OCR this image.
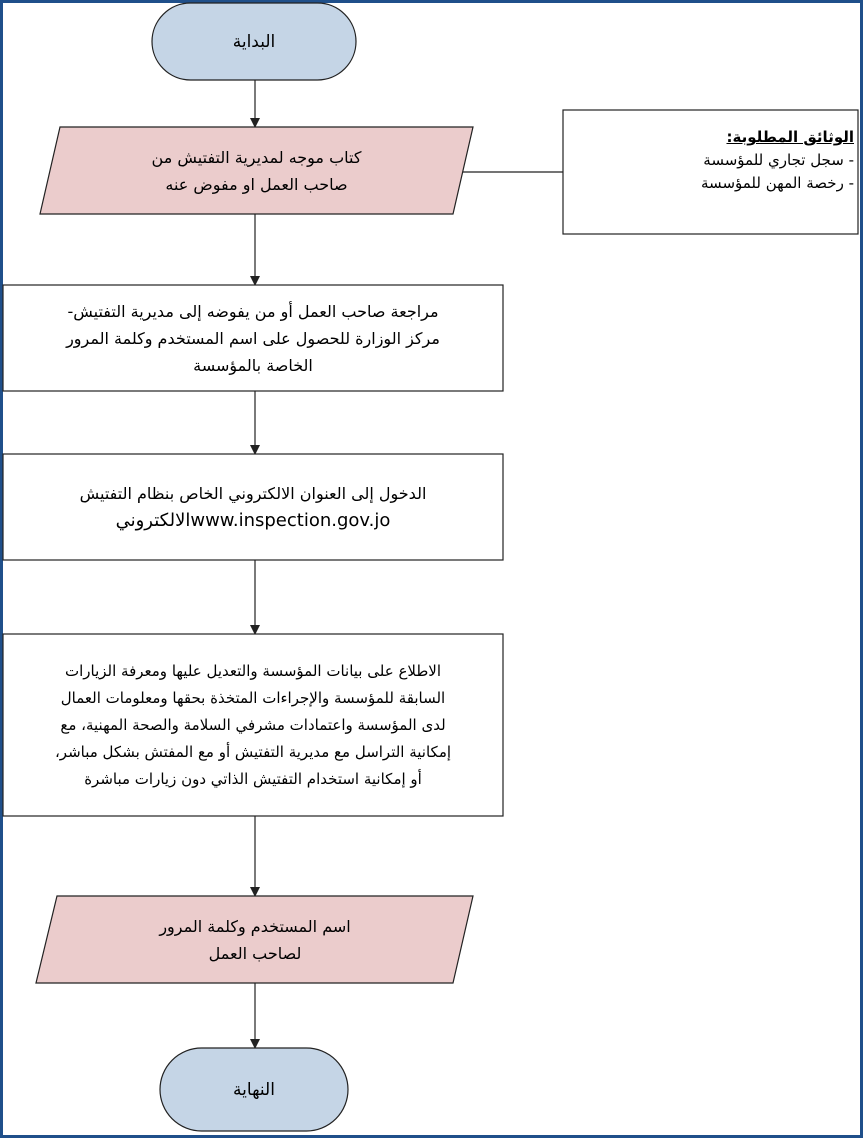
البداية
كتاب موجه لمديرية التفتيش من
صاحب العمل او مفوض عنه
مراجعة صاحب العمل أو من يفوضه إلى مديرية التفتيش-
مركز الوزارة للحصول على اسم المستخدم وكلمة المرور
الخاصة بالمؤسسة
الدخول إلى العنوان الالكتروني الخاص بنظام التفتيش
www.inspection.gov.joالالكتروني
الاطلاع على بيانات المؤسسة والتعديل عليها ومعرفة الزيارات
السابقة للمؤسسة والإجراءات المتخذة بحقها ومعلومات العمال
لدى المؤسسة واعتمادات مشرفي السلامة والصحة المهنية، مع
إمكانية التراسل مع مديرية التفتيش أو مع المفتش بشكل مباشر،
أو إمكانية استخدام التفتيش الذاتي دون زيارات مباشرة
اسم المستخدم وكلمة المرور
لصاحب العمل
النهاية
الوثائق المطلوبة:
- سجل تجاري للمؤسسة
- رخصة المهن للمؤسسة
